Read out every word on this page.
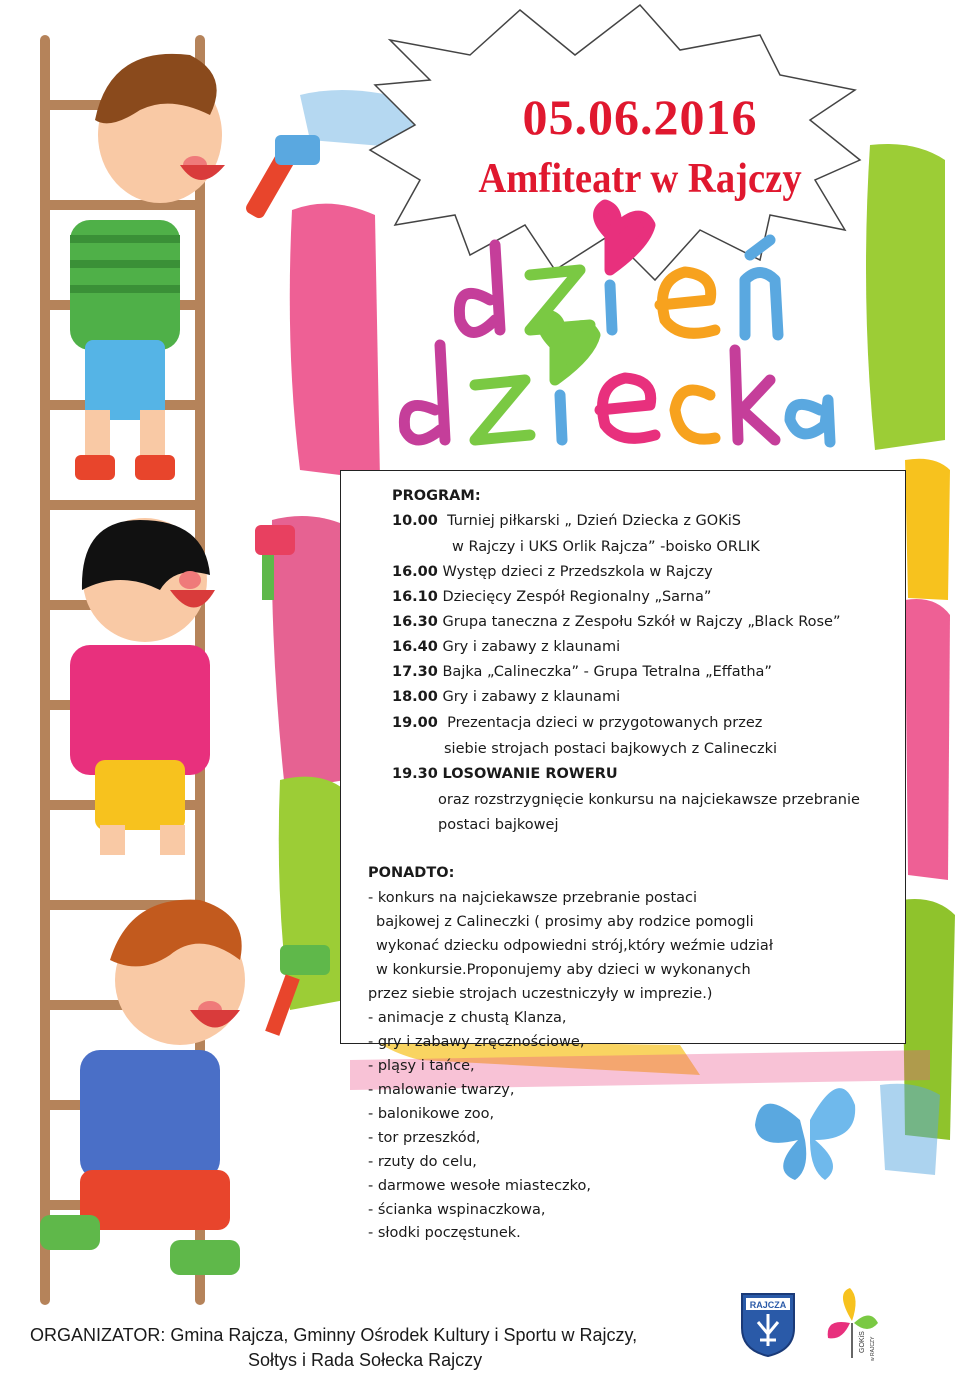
05.06.2016
Amfiteatr w Rajczy
PROGRAM:
10.00 Turniej piłkarski „ Dzień Dziecka z GOKiS
w Rajczy i UKS Orlik Rajcza” -boisko ORLIK
16.00 Występ dzieci z Przedszkola w Rajczy
16.10 Dziecięcy Zespół Regionalny „Sarna”
16.30 Grupa taneczna z Zespołu Szkół w Rajczy „Black Rose”
16.40 Gry i zabawy z klaunami
17.30 Bajka „Calineczka” - Grupa Tetralna „Effatha”
18.00 Gry i zabawy z klaunami
19.00 Prezentacja dzieci w przygotowanych przez
siebie strojach postaci bajkowych z Calineczki
19.30 LOSOWANIE ROWERU
oraz rozstrzygnięcie konkursu na najciekawsze przebranie
postaci bajkowej
PONADTO:
- konkurs na najciekawsze przebranie postaci
bajkowej z Calineczki ( prosimy aby rodzice pomogli
wykonać dziecku odpowiedni strój,który weźmie udział
w konkursie.Proponujemy aby dzieci w wykonanych
przez siebie strojach uczestniczyły w imprezie.)
- animacje z chustą Klanza,
- gry i zabawy zręcznościowe,
- pląsy i tańce,
- malowanie twarzy,
- balonikowe zoo,
- tor przeszkód,
- rzuty do celu,
- darmowe wesołe miasteczko,
- ścianka wspinaczkowa,
- słodki poczęstunek.
ORGANIZATOR: Gmina Rajcza, Gminny Ośrodek Kultury i Sportu w Rajczy,
Sołtys i Rada Sołecka Rajczy
RAJCZA
GOKiS w RAJCZY
